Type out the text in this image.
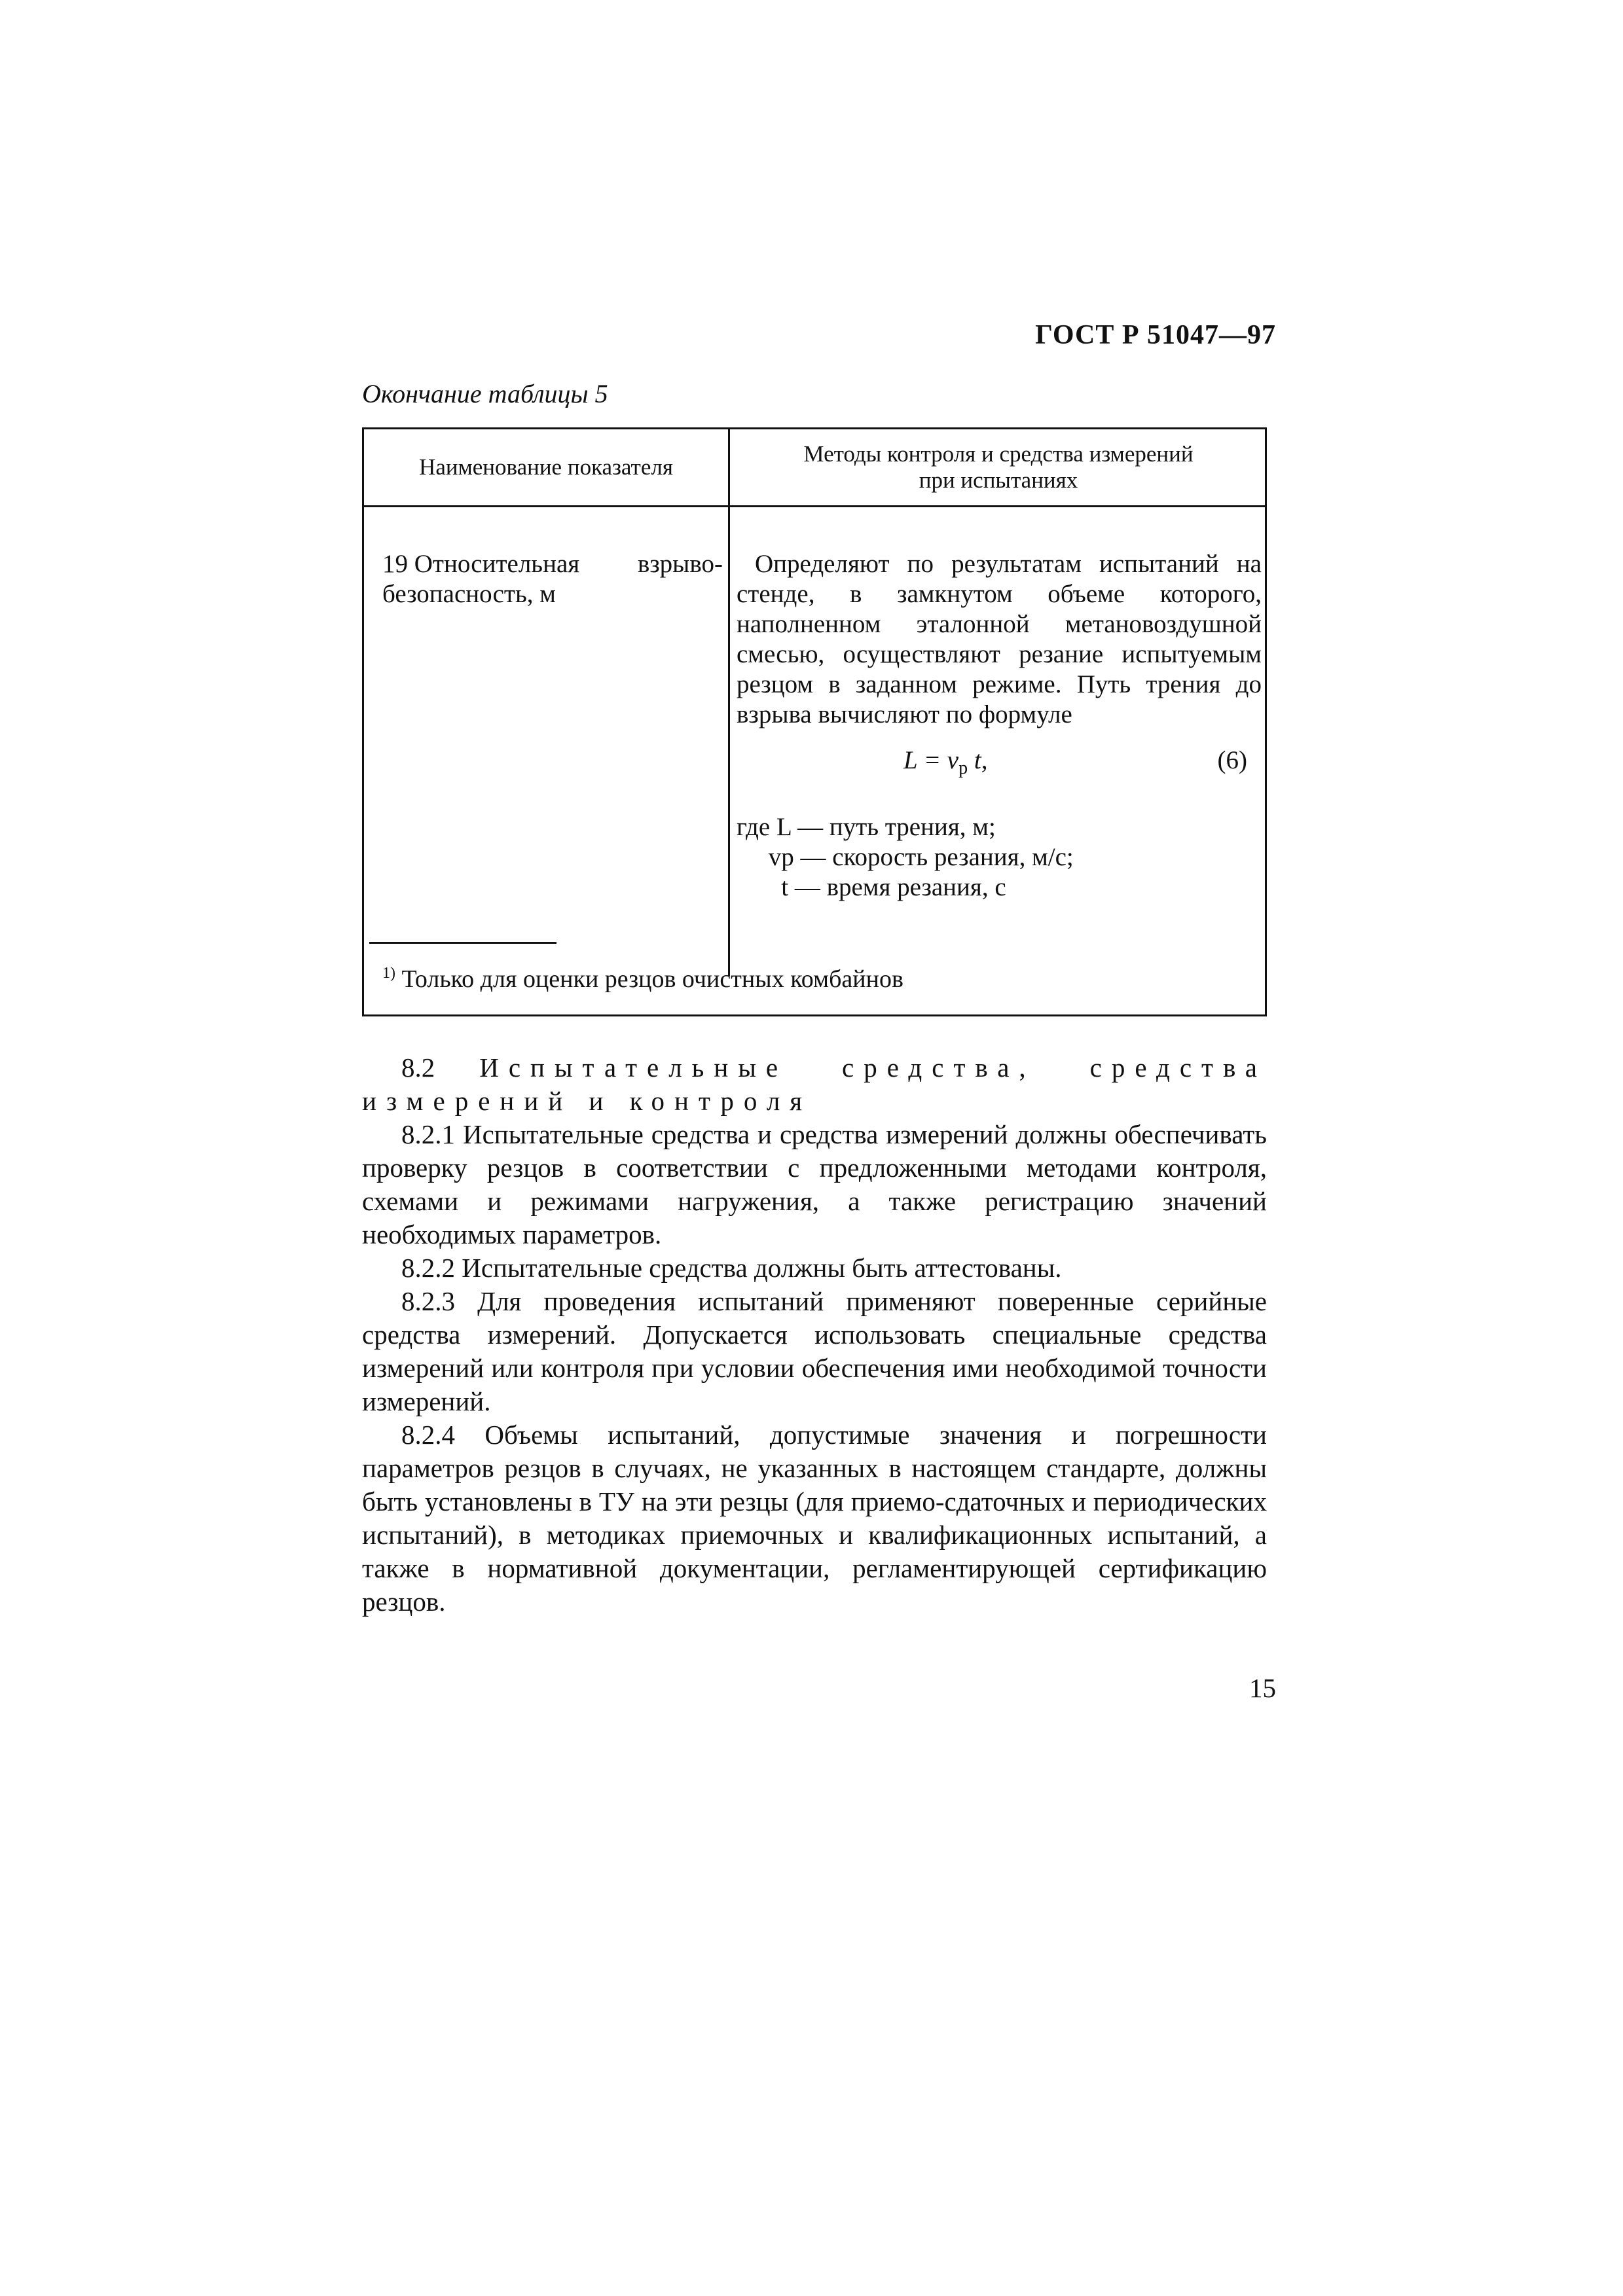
ГОСТ Р 51047—97
Окончание таблицы 5
Наименование показателя
Методы контроля и средства измерений при испытаниях
19 Относительная взрыво-
безопасность, м

Определяют по результатам испытаний на стенде, в замкнутом объеме которого, наполненном эталонной метановоздушной смесью, осуществляют резание испытуемым резцом в заданном режиме. Путь трения до взрыва вычисляют по формуле

$L = v_р$ t,	(6)
где L — путь трения, м;
vр — скорость резания, м/с;
t — время резания, с
$^{1)}$ Только для оценки резцов очистных комбайнов

8.2 Испытательные средства, средства измерений и контроля

8.2.1 Испытательные средства и средства измерений должны обеспечивать проверку резцов в соответствии с предложенными методами контроля, схемами и режимами нагружения, а также регистрацию значений необходимых параметров.

8.2.2 Испытательные средства должны быть аттестованы.

8.2.3 Для проведения испытаний применяют поверенные серийные средства измерений. Допускается использовать специальные средства измерений или контроля при условии обеспечения ими необходимой точности измерений.

8.2.4 Объемы испытаний, допустимые значения и погрешности параметров резцов в случаях, не указанных в настоящем стандарте, должны быть установлены в ТУ на эти резцы (для приемо-сдаточных и периодических испытаний), в методиках приемочных и квалификационных испытаний, а также в нормативной документации, регламентирующей сертификацию резцов.

15
